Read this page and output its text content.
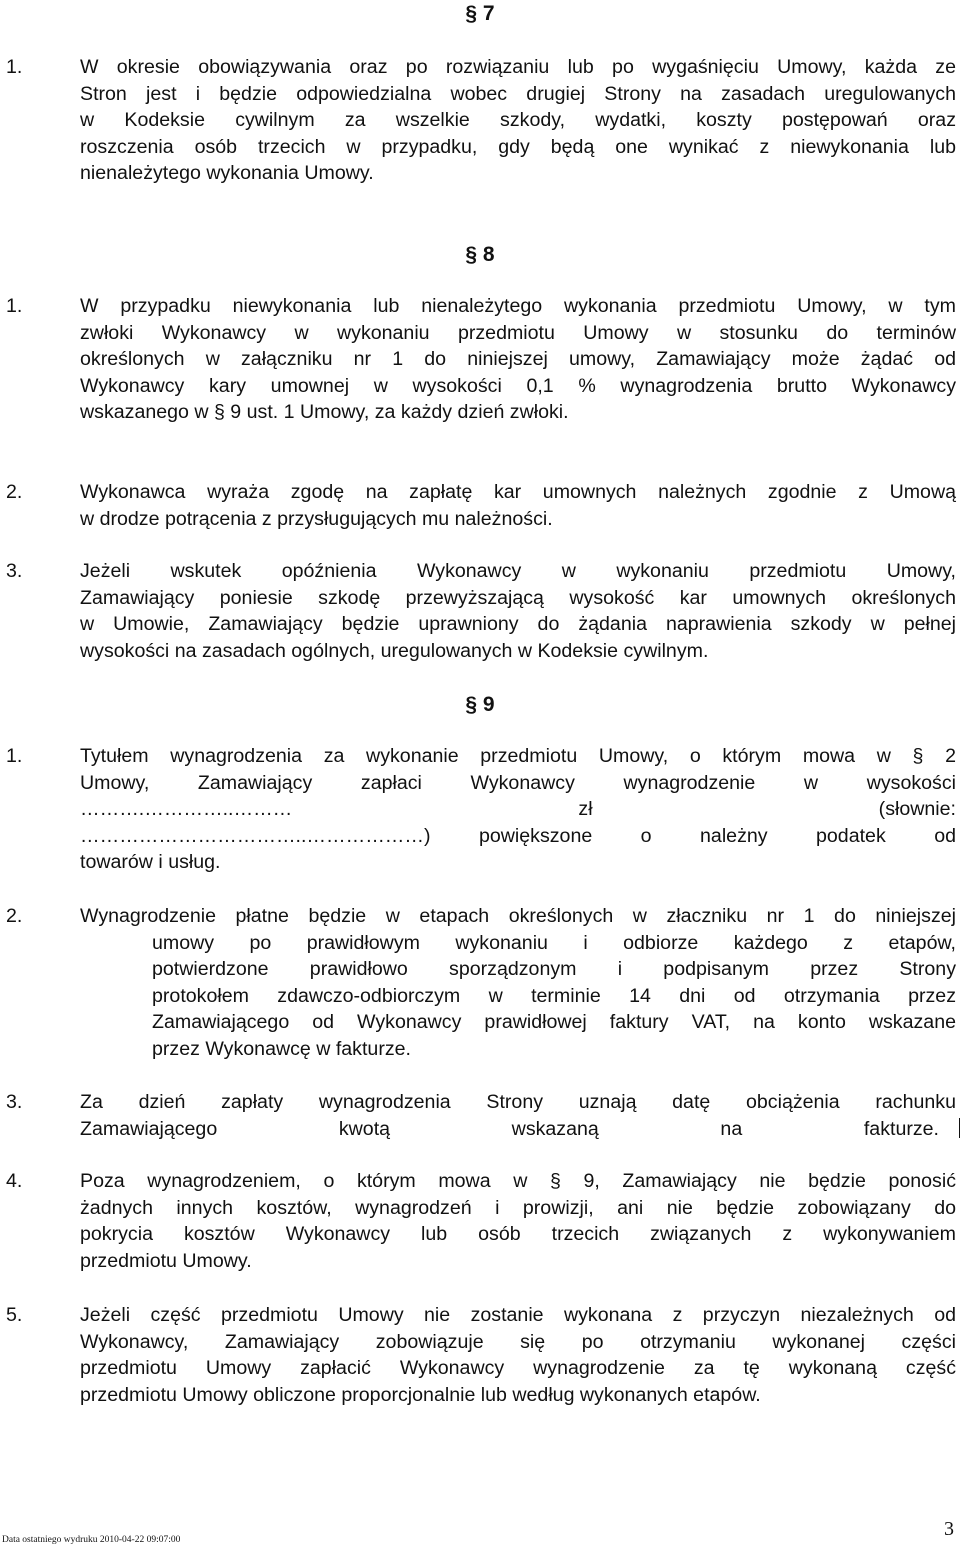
§ 7
1.	W okresie obowiązywania oraz po rozwiązaniu lub po wygaśnięciu Umowy, każda ze
Stron jest i będzie odpowiedzialna wobec drugiej Strony na zasadach uregulowanych
w Kodeksie cywilnym za wszelkie szkody, wydatki, koszty postępowań oraz
roszczenia osób trzecich w przypadku, gdy będą one wynikać z niewykonania lub
nienależytego wykonania Umowy.
§ 8
1.	W przypadku niewykonania lub nienależytego wykonania przedmiotu Umowy, w tym
zwłoki Wykonawcy w wykonaniu przedmiotu Umowy w stosunku do terminów
określonych w załączniku nr 1 do niniejszej umowy, Zamawiający może żądać od
Wykonawcy kary umownej w wysokości 0,1 % wynagrodzenia brutto Wykonawcy
wskazanego w § 9 ust. 1 Umowy, za każdy dzień zwłoki.
2.	Wykonawca wyraża zgodę na zapłatę kar umownych należnych zgodnie z Umową
w drodze potrącenia z przysługujących mu należności.
3.	Jeżeli wskutek opóźnienia Wykonawcy w wykonaniu przedmiotu Umowy,
Zamawiający poniesie szkodę przewyższającą wysokość kar umownych określonych
w Umowie, Zamawiający będzie uprawniony do żądania naprawienia szkody w pełnej
wysokości na zasadach ogólnych, uregulowanych w Kodeksie cywilnym.
§ 9
1.	Tytułem wynagrodzenia za wykonanie przedmiotu Umowy, o którym mowa w § 2
Umowy, Zamawiający zapłaci Wykonawcy wynagrodzenie w wysokości
……….…………..……… zł (słownie:
……………………………..………………) powiększone o należny podatek od
towarów i usług.
2.	Wynagrodzenie płatne będzie w etapach określonych w złaczniku nr 1 do niniejszej
umowy po prawidłowym wykonaniu i odbiorze każdego z etapów,
potwierdzone prawidłowo sporządzonym i podpisanym przez Strony
protokołem zdawczo-odbiorczym w terminie 14 dni od otrzymania przez
Zamawiającego od Wykonawcy prawidłowej faktury VAT, na konto wskazane
przez Wykonawcę w fakturze.
3.	Za dzień zapłaty wynagrodzenia Strony uznają datę obciążenia rachunku
Zamawiającego kwotą wskazaną na fakturze.
4.	Poza wynagrodzeniem, o którym mowa w § 9, Zamawiający nie będzie ponosić
żadnych innych kosztów, wynagrodzeń i prowizji, ani nie będzie zobowiązany do
pokrycia kosztów Wykonawcy lub osób trzecich związanych z wykonywaniem
przedmiotu Umowy.
5.	Jeżeli część przedmiotu Umowy nie zostanie wykonana z przyczyn niezależnych od
Wykonawcy, Zamawiający zobowiązuje się po otrzymaniu wykonanej części
przedmiotu Umowy zapłacić Wykonawcy wynagrodzenie za tę wykonaną część
przedmiotu Umowy obliczone proporcjonalnie lub według wykonanych etapów.
Data ostatniego wydruku 2010-04-22 09:07:00	3
